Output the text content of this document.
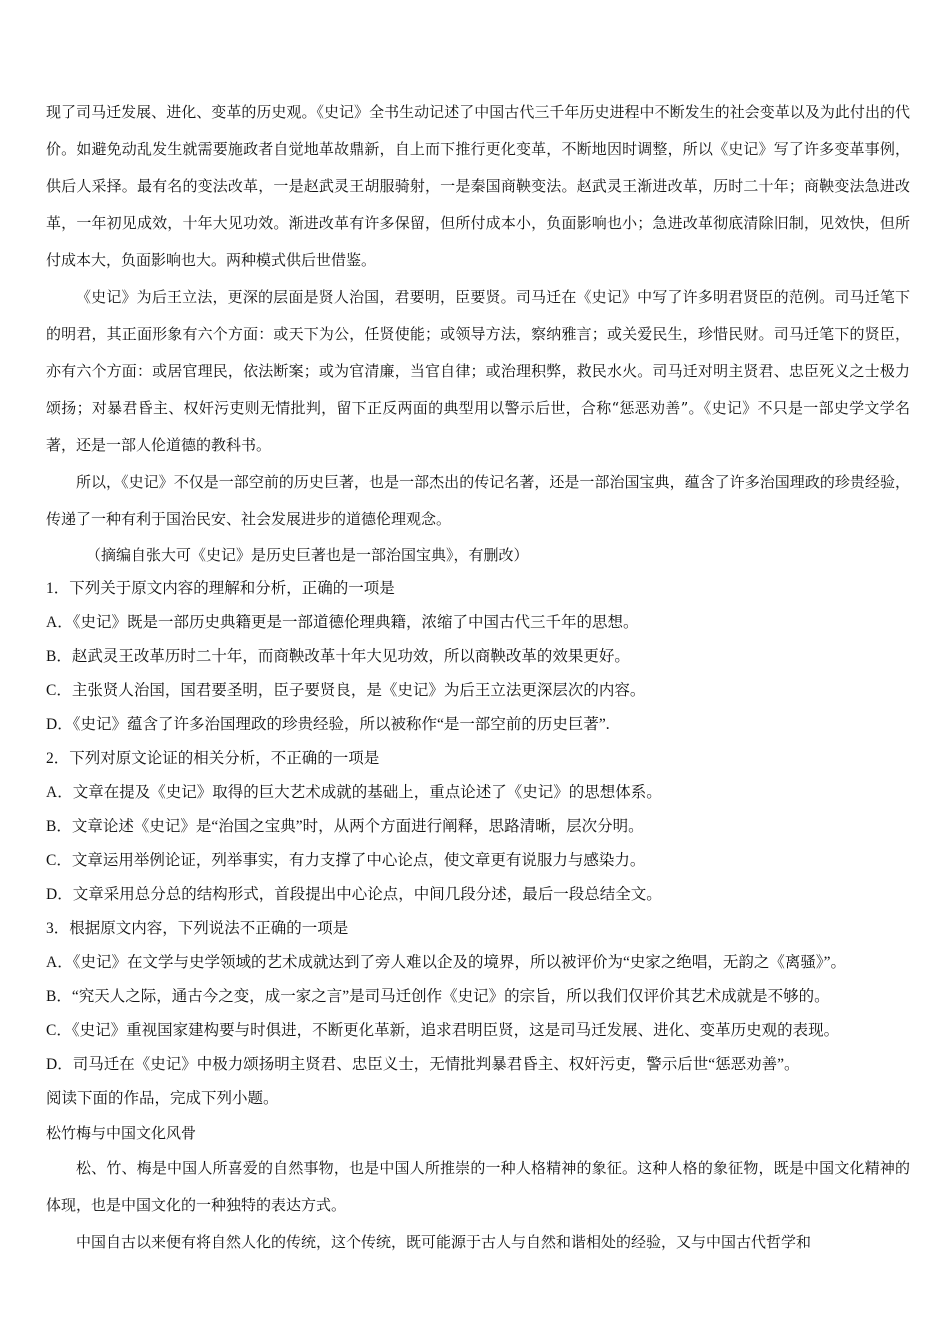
现了司马迁发展、进化、变革的历史观。《史记》全书生动记述了中国古代三千年历史进程中不断发生的社会变革以及为此付出的代价。如避免动乱发生就需要施政者自觉地革故鼎新，自上而下推行更化变革，不断地因时调整，所以《史记》写了许多变革事例，供后人采择。最有名的变法改革，一是赵武灵王胡服骑射，一是秦国商鞅变法。赵武灵王渐进改革，历时二十年；商鞅变法急进改革，一年初见成效，十年大见功效。渐进改革有许多保留，但所付成本小，负面影响也小；急进改革彻底清除旧制，见效快，但所付成本大，负面影响也大。两种模式供后世借鉴。

《史记》为后王立法，更深的层面是贤人治国，君要明，臣要贤。司马迁在《史记》中写了许多明君贤臣的范例。司马迁笔下的明君，其正面形象有六个方面：或天下为公，任贤使能；或领导方法，察纳雅言；或关爱民生，珍惜民财。司马迁笔下的贤臣，亦有六个方面：或居官理民，依法断案；或为官清廉，当官自律；或治理积弊，救民水火。司马迁对明主贤君、忠臣死义之士极力颂扬；对暴君昏主、权奸污吏则无情批判，留下正反两面的典型用以警示后世，合称“惩恶劝善”。《史记》不只是一部史学文学名著，还是一部人伦道德的教科书。

所以，《史记》不仅是一部空前的历史巨著，也是一部杰出的传记名著，还是一部治国宝典，蕴含了许多治国理政的珍贵经验，传递了一种有利于国治民安、社会发展进步的道德伦理观念。

（摘编自张大可《史记》是历史巨著也是一部治国宝典》，有删改）

1．下列关于原文内容的理解和分析，正确的一项是

A．《史记》既是一部历史典籍更是一部道德伦理典籍，浓缩了中国古代三千年的思想。

B．赵武灵王改革历时二十年，而商鞅改革十年大见功效，所以商鞅改革的效果更好。

C．主张贤人治国，国君要圣明，臣子要贤良，是《史记》为后王立法更深层次的内容。

D．《史记》蕴含了许多治国理政的珍贵经验，所以被称作“是一部空前的历史巨著”.

2．下列对原文论证的相关分析，不正确的一项是

A．文章在提及《史记》取得的巨大艺术成就的基础上，重点论述了《史记》的思想体系。

B．文章论述《史记》是“治国之宝典”时，从两个方面进行阐释，思路清晰，层次分明。

C．文章运用举例论证，列举事实，有力支撑了中心论点，使文章更有说服力与感染力。

D．文章采用总分总的结构形式，首段提出中心论点，中间几段分述，最后一段总结全文。

3．根据原文内容，下列说法不正确的一项是

A．《史记》在文学与史学领域的艺术成就达到了旁人难以企及的境界，所以被评价为“史家之绝唱，无韵之《离骚》”。

B．“究天人之际，通古今之变，成一家之言”是司马迁创作《史记》的宗旨，所以我们仅评价其艺术成就是不够的。

C．《史记》重视国家建构要与时俱进，不断更化革新，追求君明臣贤，这是司马迁发展、进化、变革历史观的表现。

D．司马迁在《史记》中极力颂扬明主贤君、忠臣义士，无情批判暴君昏主、权奸污吏，警示后世“惩恶劝善”。

阅读下面的作品，完成下列小题。

松竹梅与中国文化风骨

松、竹、梅是中国人所喜爱的自然事物，也是中国人所推崇的一种人格精神的象征。这种人格的象征物，既是中国文化精神的体现，也是中国文化的一种独特的表达方式。

中国自古以来便有将自然人化的传统，这个传统，既可能源于古人与自然和谐相处的经验，又与中国古代哲学和
